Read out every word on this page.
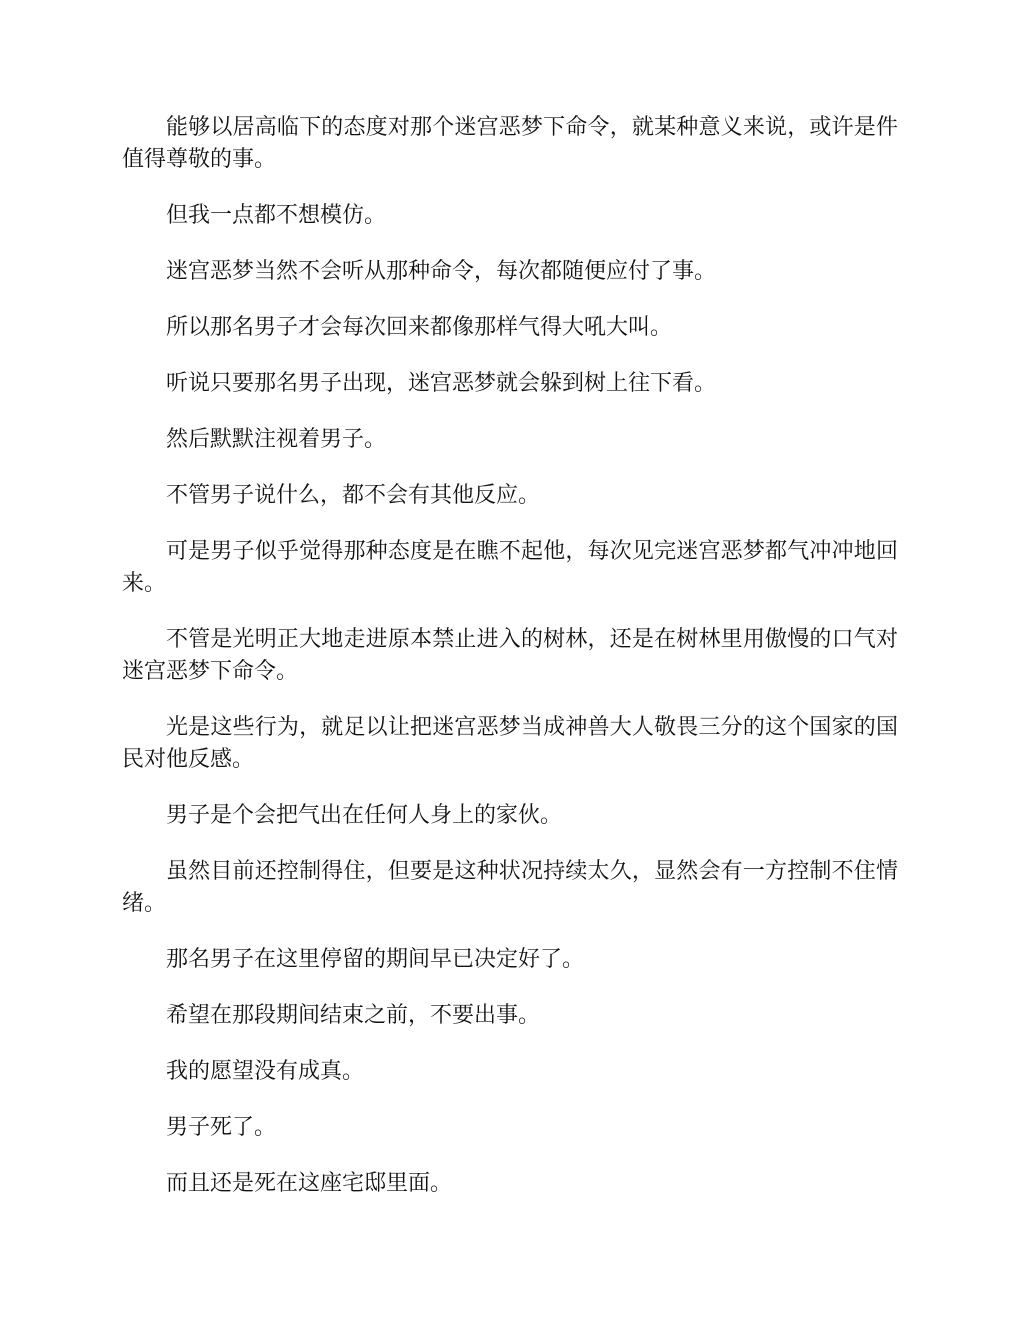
能够以居高临下的态度对那个迷宫恶梦下命令，就某种意义来说，或许是件值得尊敬的事。

但我一点都不想模仿。

迷宫恶梦当然不会听从那种命令，每次都随便应付了事。

所以那名男子才会每次回来都像那样气得大吼大叫。

听说只要那名男子出现，迷宫恶梦就会躲到树上往下看。

然后默默注视着男子。

不管男子说什么，都不会有其他反应。

可是男子似乎觉得那种态度是在瞧不起他，每次见完迷宫恶梦都气冲冲地回来。

不管是光明正大地走进原本禁止进入的树林，还是在树林里用傲慢的口气对迷宫恶梦下命令。

光是这些行为，就足以让把迷宫恶梦当成神兽大人敬畏三分的这个国家的国民对他反感。

男子是个会把气出在任何人身上的家伙。

虽然目前还控制得住，但要是这种状况持续太久，显然会有一方控制不住情绪。

那名男子在这里停留的期间早已决定好了。

希望在那段期间结束之前，不要出事。

我的愿望没有成真。

男子死了。

而且还是死在这座宅邸里面。
